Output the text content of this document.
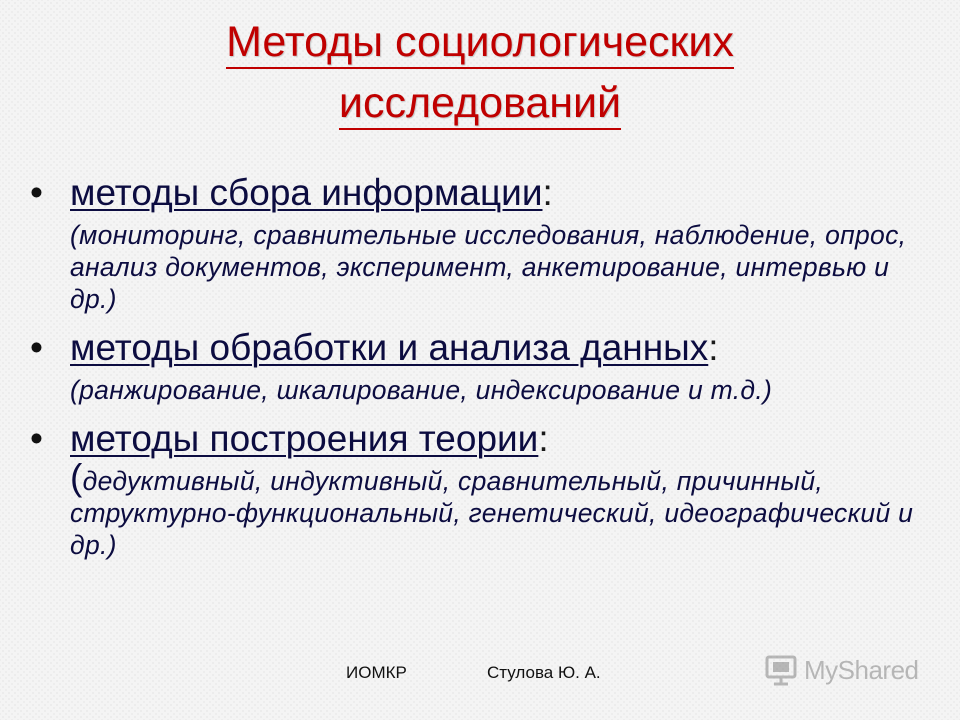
Методы социологических
исследований
• методы сбора информации:
(мониторинг, сравнительные исследования, наблюдение, опрос, анализ документов, эксперимент, анкетирование, интервью и др.)
• методы обработки и анализа данных:
(ранжирование, шкалирование, индексирование и т.д.)
• методы построения теории:
(дедуктивный, индуктивный, сравнительный, причинный, структурно-функциональный, генетический, идеографический и др.)
ИОМКР	Стулова Ю. А.	MyShared
